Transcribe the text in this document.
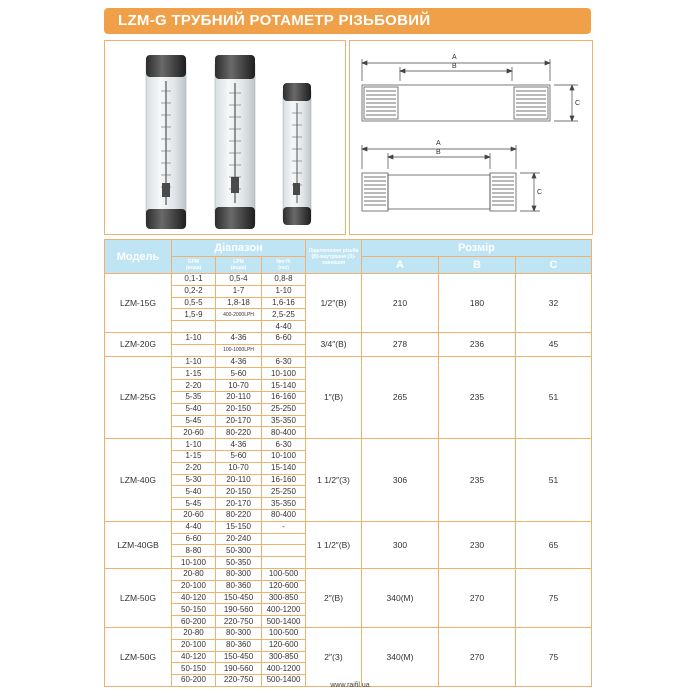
LZM-G ТРУБНИЙ РОТАМЕТР РІЗЬБОВИЙ
A
B
C
A
B
C
Модель	Діапазон			Підключення різьба (В)-внутрішня (З)-зовнішня	Розмір		
	GPM
(вода)	LPM
(вода)	Nm³/h
(газ)		A	B	C
LZM-15G	0,1-1	0,5-4	0,8-8	1/2″(В)	210	180	32
	0,2-2	1-7	1-10				
	0,5-5	1,8-18	1,6-16				
	1,5-9	400-2000LPH	2,5-25				
			4-40				
LZM-20G	1-10	4-36	6-60	3/4″(В)	278	236	45
		100-1000LPH					
LZM-25G	1-10	4-36	6-30	1″(В)	265	235	51
	1-15	5-60	10-100				
	2-20	10-70	15-140				
	5-35	20-110	16-160				
	5-40	20-150	25-250				
	5-45	20-170	35-350				
	20-60	80-220	80-400				
LZM-40G	1-10	4-36	6-30	1 1/2″(З)	306	235	51
	1-15	5-60	10-100				
	2-20	10-70	15-140				
	5-30	20-110	16-160				
	5-40	20-150	25-250				
	5-45	20-170	35-350				
	20-60	80-220	80-400				
LZM-40GB	4-40	15-150	-	1 1/2″(В)	300	230	65
	6-60	20-240					
	8-80	50-300					
	10-100	50-350					
LZM-50G	20-80	80-300	100-500	2″(В)	340(М)	270	75
	20-100	80-360	120-600				
	40-120	150-450	300-850				
	50-150	190-560	400-1200				
	60-200	220-750	500-1400				
LZM-50G	20-80	80-300	100-500	2″(З)	340(М)	270	75
	20-100	80-360	120-600				
	40-120	150-450	300-850				
	50-150	190-560	400-1200				
	60-200	220-750	500-1400				
www.raifil.ua
